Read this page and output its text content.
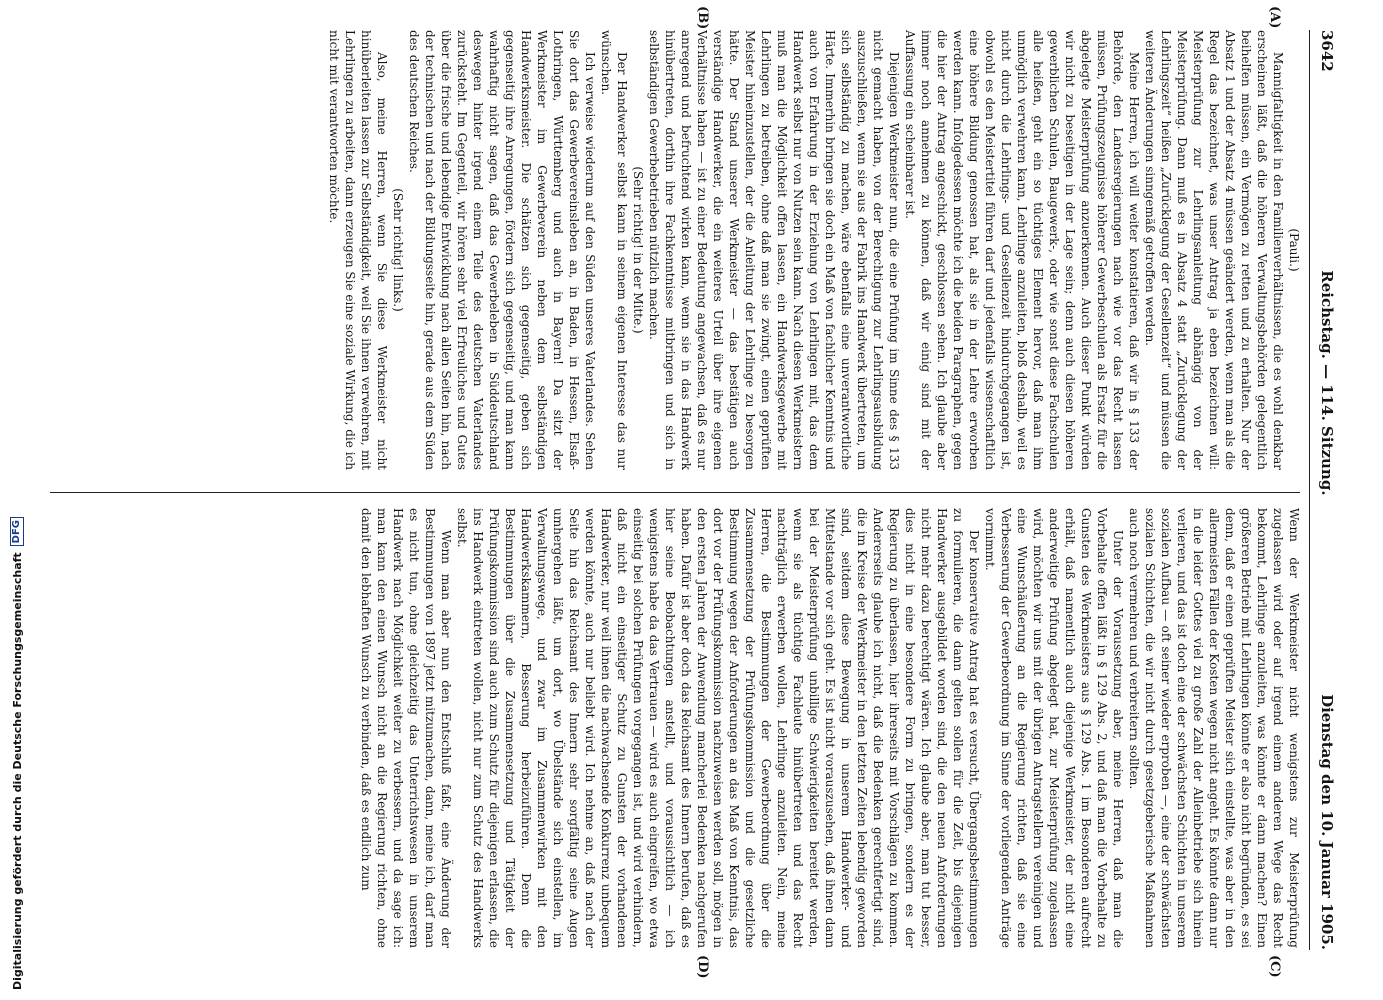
3642
Reichstag. — 114. Sitzung.
Dienstag den 10. Januar 1905.
(A)
(B)
(C)
(D)

(Pauli.)

Mannigfaltigkeit in den Familienverhältnissen, die es wohl denkbar erscheinen läßt, daß die höheren Verwaltungsbehörden gelegentlich beihelfen müssen, ein Vermögen zu retten und zu erhalten. Nur der Absatz 1 und der Absatz 4 müssen geändert werden, wenn man als die Regel das bezeichnet, was unser Antrag ja eben bezeichnen will: Meisterprüfung zur Lehrlingsanleitung abhängig von der Meisterprüfung. Dann muß es in Absatz 4 statt „Zurücklegung der Lehrlingszeit“ heißen „Zurücklegung der Gesellenzeit“ und müssen die weiteren Änderungen sinngemäß getroffen werden.

Meine Herren, ich will weiter konstatieren, daß wir in § 133 der Behörde, den Landesregierungen nach wie vor das Recht lassen müssen, Prüfungszeugnisse höherer Gewerbeschulen als Ersatz für die abgelegte Meisterprüfung anzuerkennen. Auch dieser Punkt würden wir nicht zu beseitigen in der Lage sein; denn auch diesen höheren gewerblichen Schulen, Baugewerk-, oder wie sonst diese Fachschulen alle heißen, geht ein so tüchtiges Element hervor, daß man ihm unmöglich verwehren kann, Lehrlinge anzuleiten, bloß deshalb, weil es nicht durch die Lehrlings- und Gesellenzeit hindurchgegangen ist, obwohl es den Meistertitel führen darf und jedenfalls wissenschaftlich eine höhere Bildung genossen hat, als sie in der Lehre erworben werden kann. Infolgedessen möchte ich die beiden Paragraphen, gegen die hier der Antrag angeschickt, geschlossen sehen. Ich glaube aber immer noch annehmen zu können, daß wir einig sind mit der Auffassung ein scheinbarer ist.

Diejenigen Werkmeister nun, die eine Prüfung im Sinne des § 133 nicht gemacht haben, von der Berechtigung zur Lehrlingsausbildung auszuschließen, wenn sie aus der Fabrik ins Handwerk übertreten, um sich selbständig zu machen, wäre ebenfalls eine unverantwortliche Härte. Immerhin bringen sie doch ein Maß von fachlicher Kenntnis und auch von Erfahrung in der Erziehung von Lehrlingen mit, das dem Handwerk selbst nur von Nutzen sein kann. Nach diesen Werkmeistern muß man die Möglichkeit offen lassen, ein Handwerksgewerbe mit Lehrlingen zu betreiben, ohne daß man sie zwingt, einen geprüften Meister hineinzustellen, der die Anleitung der Lehrlinge zu besorgen hätte. Der Stand unserer Werkmeister — das bestätigen auch verständige Handwerker, die ein weiteres Urteil über ihre eigenen Verhältnisse haben — ist zu einer Bedeutung angewachsen, daß es nur anregend und befruchtend wirken kann, wenn sie in das Handwerk hinübertreten, dorthin ihre Fachkenntnisse mitbringen und sich in selbständigen Gewerbebetrieben nützlich machen.

(Sehr richtig! in der Mitte.)

Der Handwerker selbst kann in seinem eigenen Interesse das nur wünschen.

Ich verweise wiederum auf den Süden unseres Vaterlandes. Sehen Sie dort das Gewerbevereinsleben an, in Baden, in Hessen, Elsaß-Lothringen, Württemberg und auch in Bayern! Da sitzt der Werkmeister im Gewerbeverein neben dem selbständigen Handwerksmeister. Die schätzen sich gegenseitig, geben sich gegenseitig ihre Anregungen, fördern sich gegenseitig, und man kann wahrhaftig nicht sagen, daß das Gewerbeleben in Süddeutschland deswegen hinter irgend einem Teile des deutschen Vaterlandes zurücksteht. Im Gegenteil, wir hören sehr viel Erfreuliches und Gutes über die frische und lebendige Entwicklung nach allen Seiten hin, nach der technischen und nach der Bildungsseite hin, gerade aus dem Süden des deutschen Reiches.

(Sehr richtig! links.)

Also, meine Herren, wenn Sie diese Werkmeister nicht hinüberleiten lassen zur Selbständigkeit, weil Sie ihnen verwehren, mit Lehrlingen zu arbeiten, dann erzeugen Sie eine soziale Wirkung, die ich nicht mit verantworten möchte.

Wenn der Werkmeister nicht wenigstens zur Meisterprüfung zugelassen wird oder auf irgend einem anderen Wege das Recht bekommt, Lehrlinge anzuleiten, was könnte er dann machen? Einen größeren Betrieb mit Lehrlingen könnte er also nicht begründen, es sei denn, daß er einen geprüften Meister sich einstellte, was aber in den allermeisten Fällen der Kosten wegen nicht angeht. Es könnte dann nur in die leider Gottes viel zu große Zahl der Alleinbetriebe sich hinein verlieren, und das ist doch eine der schwächsten Schichten in unserem sozialen Aufbau — oft seiner wieder erproben —, eine der schwächsten sozialen Schichten, die wir nicht durch gesetzgeberische Maßnahmen auch noch vermehren und verbreitern sollten.

Unter der Voraussetzung aber, meine Herren, daß man die Vorbehalte offen läßt in § 129 Abs. 2, und daß man die Vorbehalte zu Gunsten des Werkmeisters aus § 129 Abs. 1 im Besonderen aufrecht erhält, daß namentlich auch diejenige Werkmeister, der nicht eine anderweitige Prüfung abgelegt hat, zur Meisterprüfung zugelassen wird, möchten wir uns mit der übrigen Antragstellern vereinigen und eine Wunschäußerung an die Regierung richten, daß sie eine Verbesserung der Gewerbeordnung im Sinne der vorliegenden Anträge vornimmt.

Der konservative Antrag hat es versucht, Übergangsbestimmungen zu formulieren, die dann gelten sollen für die Zeit, bis diejenigen Handwerker ausgebildet worden sind, die den neuen Anforderungen nicht mehr dazu berechtigt wären. Ich glaube aber, man tut besser, dies nicht in eine besondere Form zu bringen, sondern es der Regierung zu überlassen, hier ihrerseits mit Vorschlägen zu kommen. Andererseits glaube ich nicht, daß die Bedenken gerechtfertigt sind, die im Kreise der Werkmeister in den letzten Zeiten lebendig geworden sind, seitdem diese Bewegung in unserem Handwerker- und Mittelstande vor sich geht. Es ist nicht vorauszusehen, daß ihnen dann bei der Meisterprüfung unbillige Schwierigkeiten bereitet werden, wenn sie als tüchtige Fachleute hinübertreten und das Recht nachträglich erwerben wollen, Lehrlinge anzuleiten. Nein, meine Herren, die Bestimmungen der Gewerbeordnung über die Zusammensetzung der Prüfungskommission und die gesetzliche Bestimmung wegen der Anforderungen an das Maß von Kenntnis, das dort vor der Prüfungskommission nachzuweisen werden soll, mögen in den ersten Jahren der Anwendung mancherlei Bedenken nachgerufen haben. Dafür ist aber doch das Reichsamt des Innern berufen, daß es hier seine Beobachtungen anstellt, und voraussichtlich — ich wenigstens habe da das Vertrauen — wird es auch eingreifen, wo etwa einseitig bei solchen Prüfungen vorgegangen ist, und wird verhindern, daß nicht ein einseitiger Schutz zu Gunsten der vorhandenen Handwerker, nur weil ihnen die nachwachsende Konkurrenz unbequem werden könnte, auch nur beliebt wird. Ich nehme an, daß nach der Seite hin das Reichsamt des Innern sehr sorgfältig seine Augen umhergehen läßt, um dort, wo Übelstände sich einstellen, im Verwaltungswege, und zwar im Zusammenwirken mit den Handwerkskammern, Besserung herbeizuführen. Denn die Bestimmungen über die Zusammensetzung und Tätigkeit der Prüfungskommission sind auch zum Schutz für diejenigen erlassen, die ins Handwerk eintreten wollen, nicht nur zum Schutz des Handwerks selbst.

Wenn man aber nun den Entschluß faßt, eine Änderung der Bestimmungen von 1897 jetzt mitzumachen, dann, meine ich, darf man es nicht tun, ohne gleichzeitig das Unterrichtswesen in unserem Handwerk nach Möglichkeit weiter zu verbessern, und da sage ich: man kann den einen Wunsch nicht an die Regierung richten, ohne damit den lebhaften Wunsch zu verbinden, daß es endlich zum

Digitalisierung gefördert durch die Deutsche Forschungsgemeinschaft
DFG
